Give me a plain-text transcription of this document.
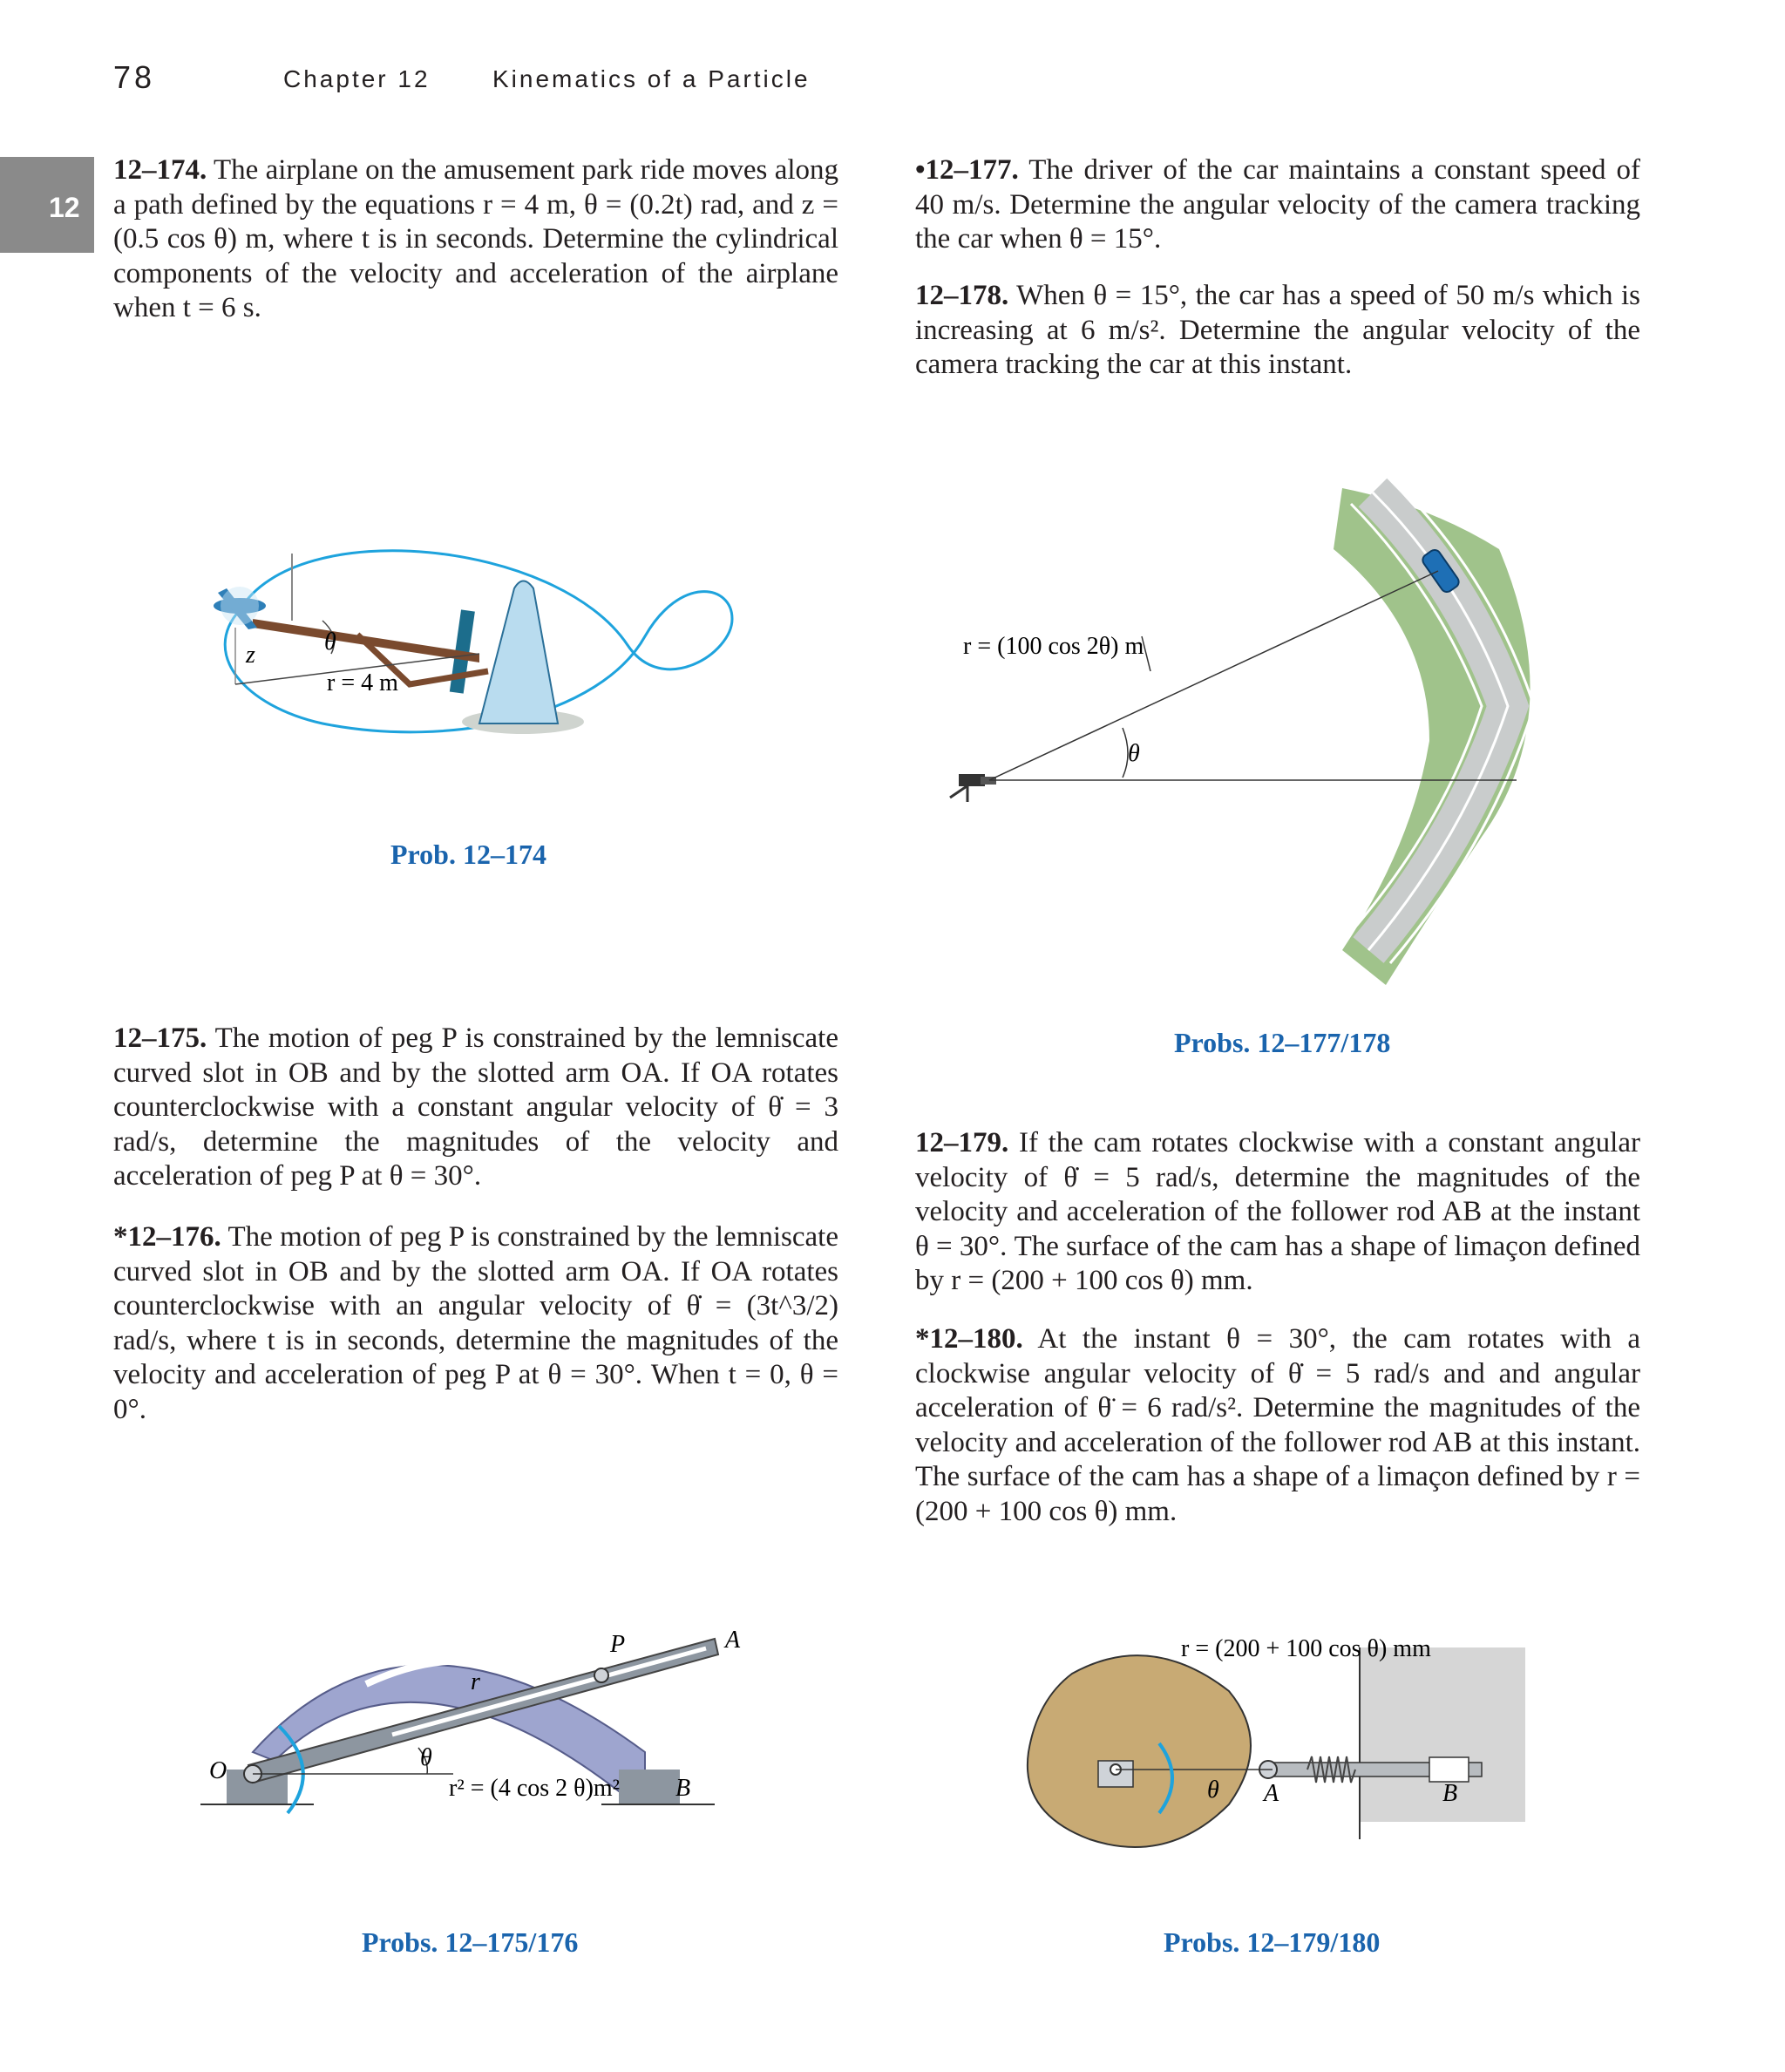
78	Chapter 12	Kinematics of a Particle
12
12–174. The airplane on the amusement park ride moves along a path defined by the equations r = 4 m, θ = (0.2t) rad, and z = (0.5 cos θ) m, where t is in seconds. Determine the cylindrical components of the velocity and acceleration of the airplane when t = 6 s.
12–175. The motion of peg P is constrained by the lemniscate curved slot in OB and by the slotted arm OA. If OA rotates counterclockwise with a constant angular velocity of θ̇ = 3 rad/s, determine the magnitudes of the velocity and acceleration of peg P at θ = 30°.
*12–176. The motion of peg P is constrained by the lemniscate curved slot in OB and by the slotted arm OA. If OA rotates counterclockwise with an angular velocity of θ̇ = (3t^3/2) rad/s, where t is in seconds, determine the magnitudes of the velocity and acceleration of peg P at θ = 30°. When t = 0, θ = 0°.
•12–177. The driver of the car maintains a constant speed of 40 m/s. Determine the angular velocity of the camera tracking the car when θ = 15°.
12–178. When θ = 15°, the car has a speed of 50 m/s which is increasing at 6 m/s². Determine the angular velocity of the camera tracking the car at this instant.
12–179. If the cam rotates clockwise with a constant angular velocity of θ̇ = 5 rad/s, determine the magnitudes of the velocity and acceleration of the follower rod AB at the instant θ = 30°. The surface of the cam has a shape of limaçon defined by r = (200 + 100 cos θ) mm.
*12–180. At the instant θ = 30°, the cam rotates with a clockwise angular velocity of θ̇ = 5 rad/s and and angular acceleration of θ̈ = 6 rad/s². Determine the magnitudes of the velocity and acceleration of the follower rod AB at this instant. The surface of the cam has a shape of a limaçon defined by r = (200 + 100 cos θ) mm.
θ
z
r = 4 m
Prob. 12–174
r = (100 cos 2θ) m
θ
Probs. 12–177/178
O
P	A
B
r
θ
r² = (4 cos 2 θ)m²
Probs. 12–175/176
r = (200 + 100 cos θ) mm
θ A	B
Probs. 12–179/180
